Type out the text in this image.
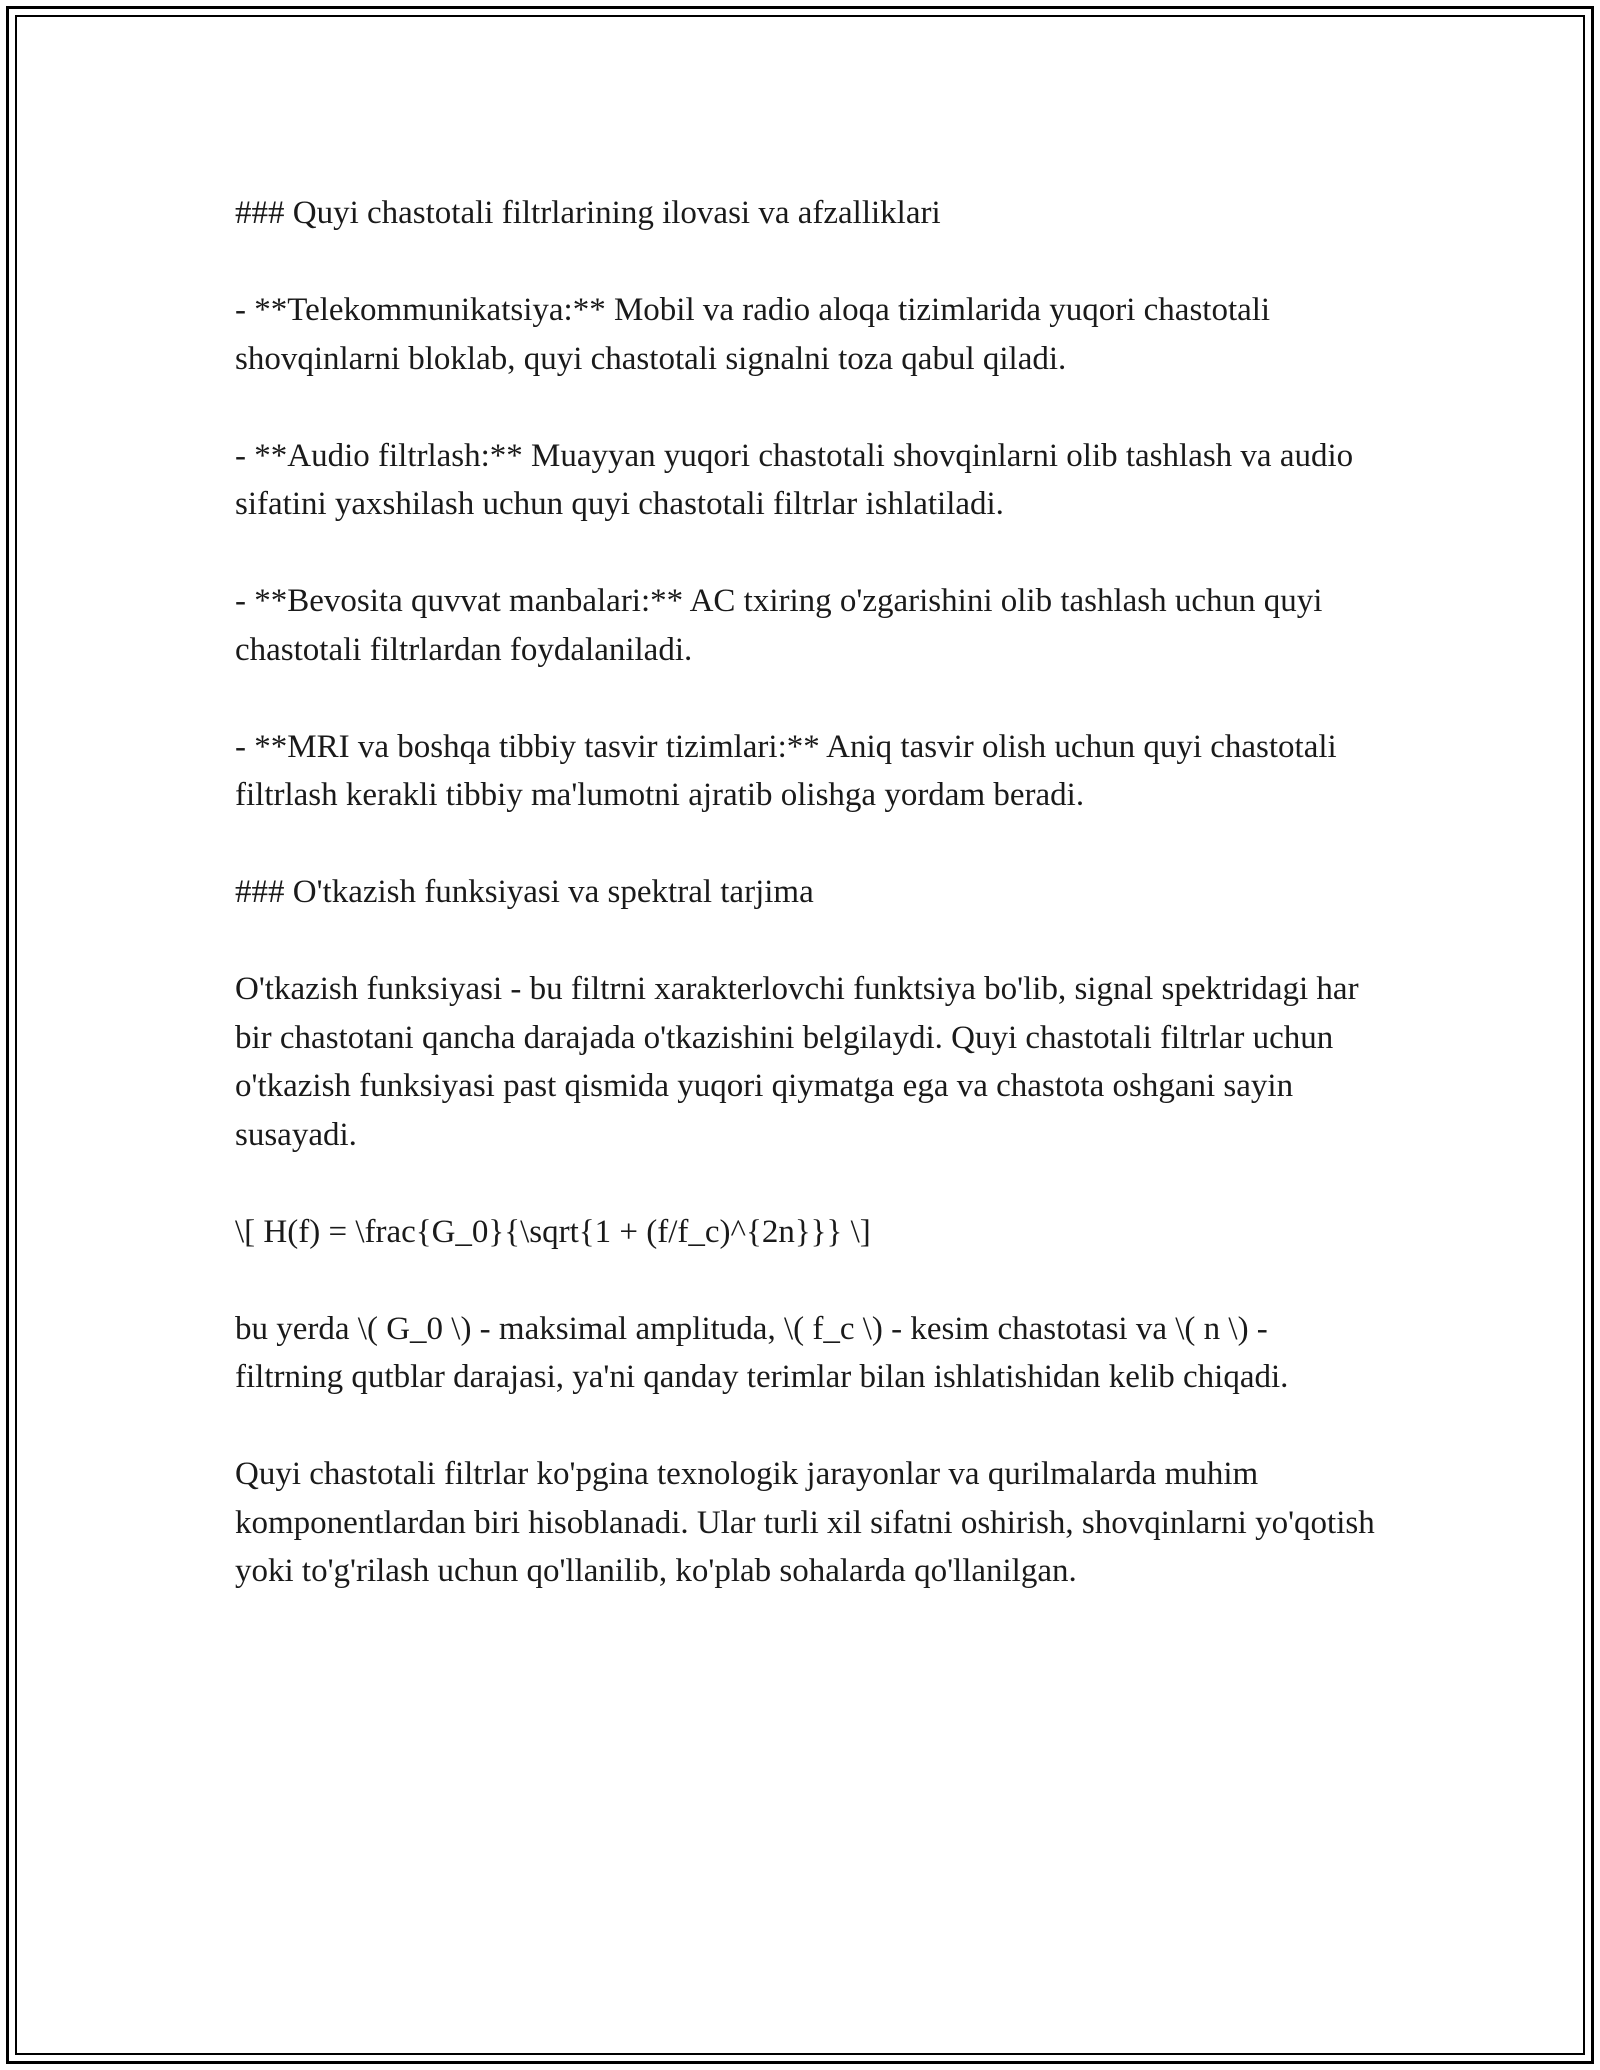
### Quyi chastotali filtrlarining ilovasi va afzalliklari

- **Telekommunikatsiya:** Mobil va radio aloqa tizimlarida yuqori chastotali shovqinlarni bloklab, quyi chastotali signalni toza qabul qiladi.

- **Audio filtrlash:** Muayyan yuqori chastotali shovqinlarni olib tashlash va audio sifatini yaxshilash uchun quyi chastotali filtrlar ishlatiladi.

- **Bevosita quvvat manbalari:** AC txiring o'zgarishini olib tashlash uchun quyi chastotali filtrlardan foydalaniladi.

- **MRI va boshqa tibbiy tasvir tizimlari:** Aniq tasvir olish uchun quyi chastotali filtrlash kerakli tibbiy ma'lumotni ajratib olishga yordam beradi.

### O'tkazish funksiyasi va spektral tarjima

O'tkazish funksiyasi - bu filtrni xarakterlovchi funktsiya bo'lib, signal spektridagi har bir chastotani qancha darajada o'tkazishini belgilaydi. Quyi chastotali filtrlar uchun o'tkazish funksiyasi past qismida yuqori qiymatga ega va chastota oshgani sayin susayadi.

\[ H(f) = \frac{G_0}{\sqrt{1 + (f/f_c)^{2n}}} \]

bu yerda \( G_0 \) - maksimal amplituda, \( f_c \) - kesim chastotasi va \( n \) - filtrning qutblar darajasi, ya'ni qanday terimlar bilan ishlatishidan kelib chiqadi.

Quyi chastotali filtrlar ko'pgina texnologik jarayonlar va qurilmalarda muhim komponentlardan biri hisoblanadi. Ular turli xil sifatni oshirish, shovqinlarni yo'qotish yoki to'g'rilash uchun qo'llanilib, ko'plab sohalarda qo'llanilgan.
